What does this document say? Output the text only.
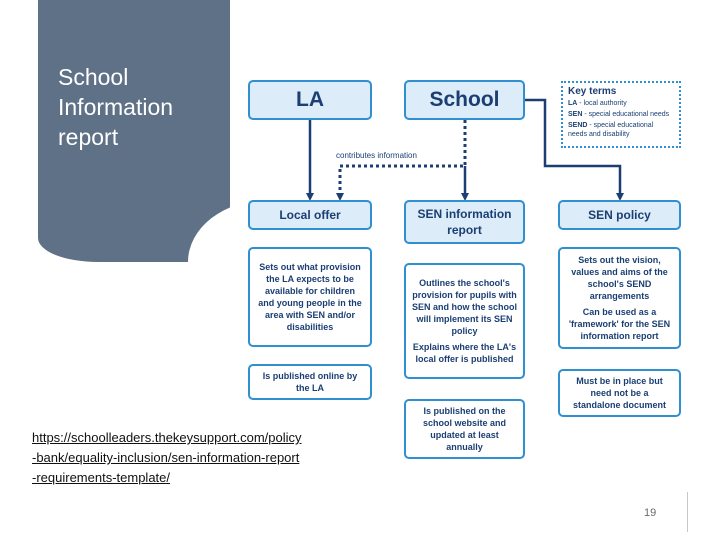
School
Information
report
LA	School
contributes information
Key terms
LA - local authority
SEN - special educational needs
SEND - special educational needs and disability
Local offer
Sets out what provision the LA expects to be available for children and young people in the area with SEN and/or disabilities
Is published online by the LA
SEN information report
Outlines the school's provision for pupils with SEN and how the school will implement its SEN policy
Explains where the LA's local offer is published
Is published on the school website and updated at least annually
SEN policy
Sets out the vision, values and aims of the school's SEND arrangements
Can be used as a 'framework' for the SEN information report
Must be in place but need not be a standalone document
https://schoolleaders.thekeysupport.com/policy
-bank/equality-inclusion/sen-information-report
-requirements-template/
19
